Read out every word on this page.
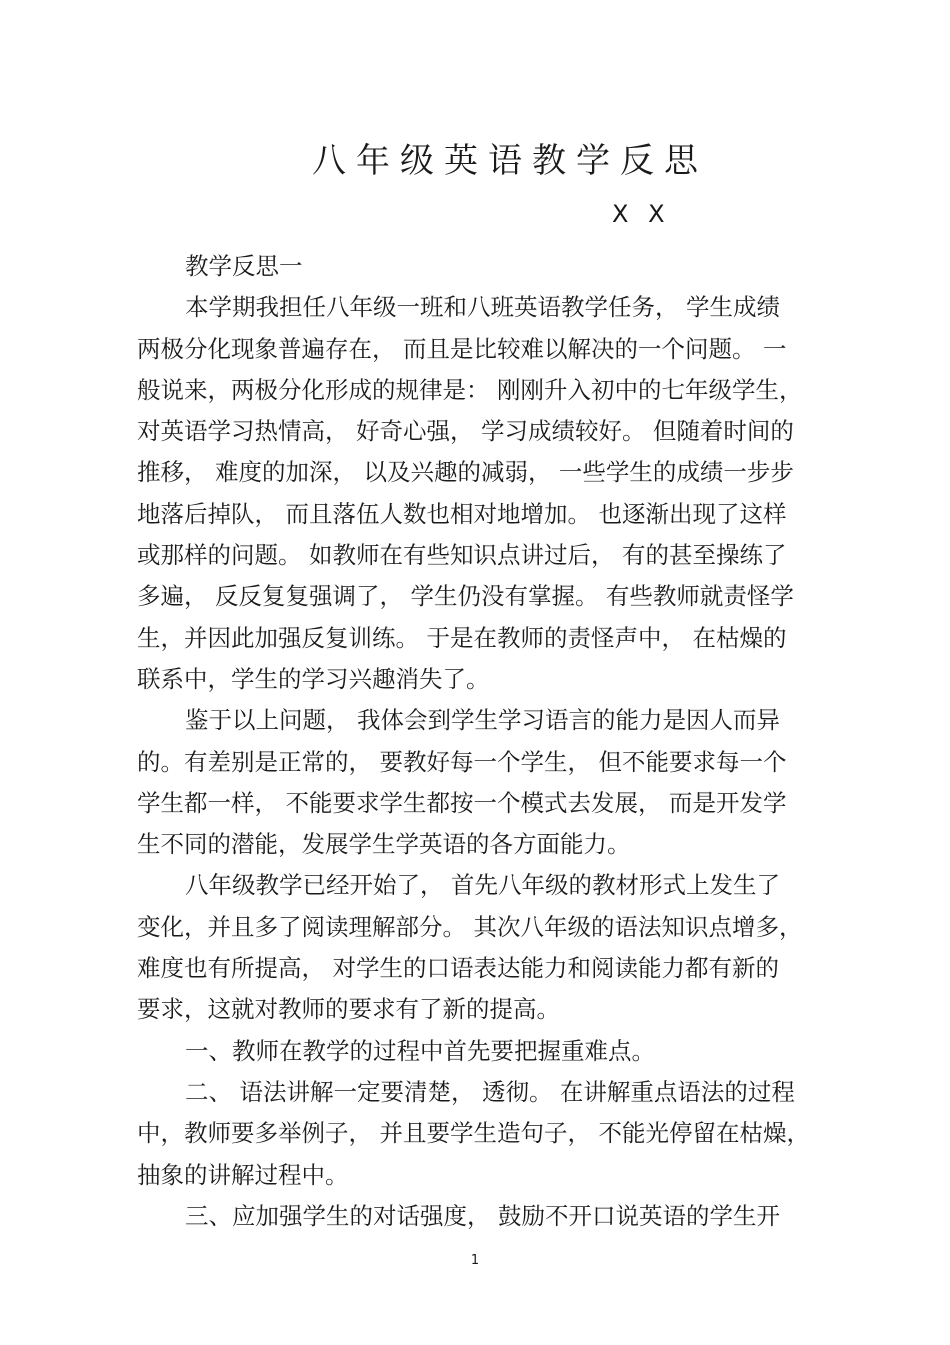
八年级英语教学反思
X X
教学反思一
本学期我担任八年级一班和八班英语教学任务， 学生成绩
两极分化现象普遍存在， 而且是比较难以解决的一个问题。 一
般说来，两极分化形成的规律是： 刚刚升入初中的七年级学生，
对英语学习热情高， 好奇心强， 学习成绩较好。 但随着时间的
推移， 难度的加深， 以及兴趣的减弱， 一些学生的成绩一步步
地落后掉队， 而且落伍人数也相对地增加。 也逐渐出现了这样
或那样的问题。 如教师在有些知识点讲过后， 有的甚至操练了
多遍， 反反复复强调了， 学生仍没有掌握。 有些教师就责怪学
生，并因此加强反复训练。 于是在教师的责怪声中， 在枯燥的
联系中，学生的学习兴趣消失了。
鉴于以上问题， 我体会到学生学习语言的能力是因人而异
的。有差别是正常的， 要教好每一个学生， 但不能要求每一个
学生都一样， 不能要求学生都按一个模式去发展， 而是开发学
生不同的潜能，发展学生学英语的各方面能力。
八年级教学已经开始了， 首先八年级的教材形式上发生了
变化，并且多了阅读理解部分。 其次八年级的语法知识点增多，
难度也有所提高， 对学生的口语表达能力和阅读能力都有新的
要求，这就对教师的要求有了新的提高。
一、教师在教学的过程中首先要把握重难点。
二、 语法讲解一定要清楚， 透彻。 在讲解重点语法的过程
中，教师要多举例子， 并且要学生造句子， 不能光停留在枯燥，
抽象的讲解过程中。
三、应加强学生的对话强度， 鼓励不开口说英语的学生开
1
